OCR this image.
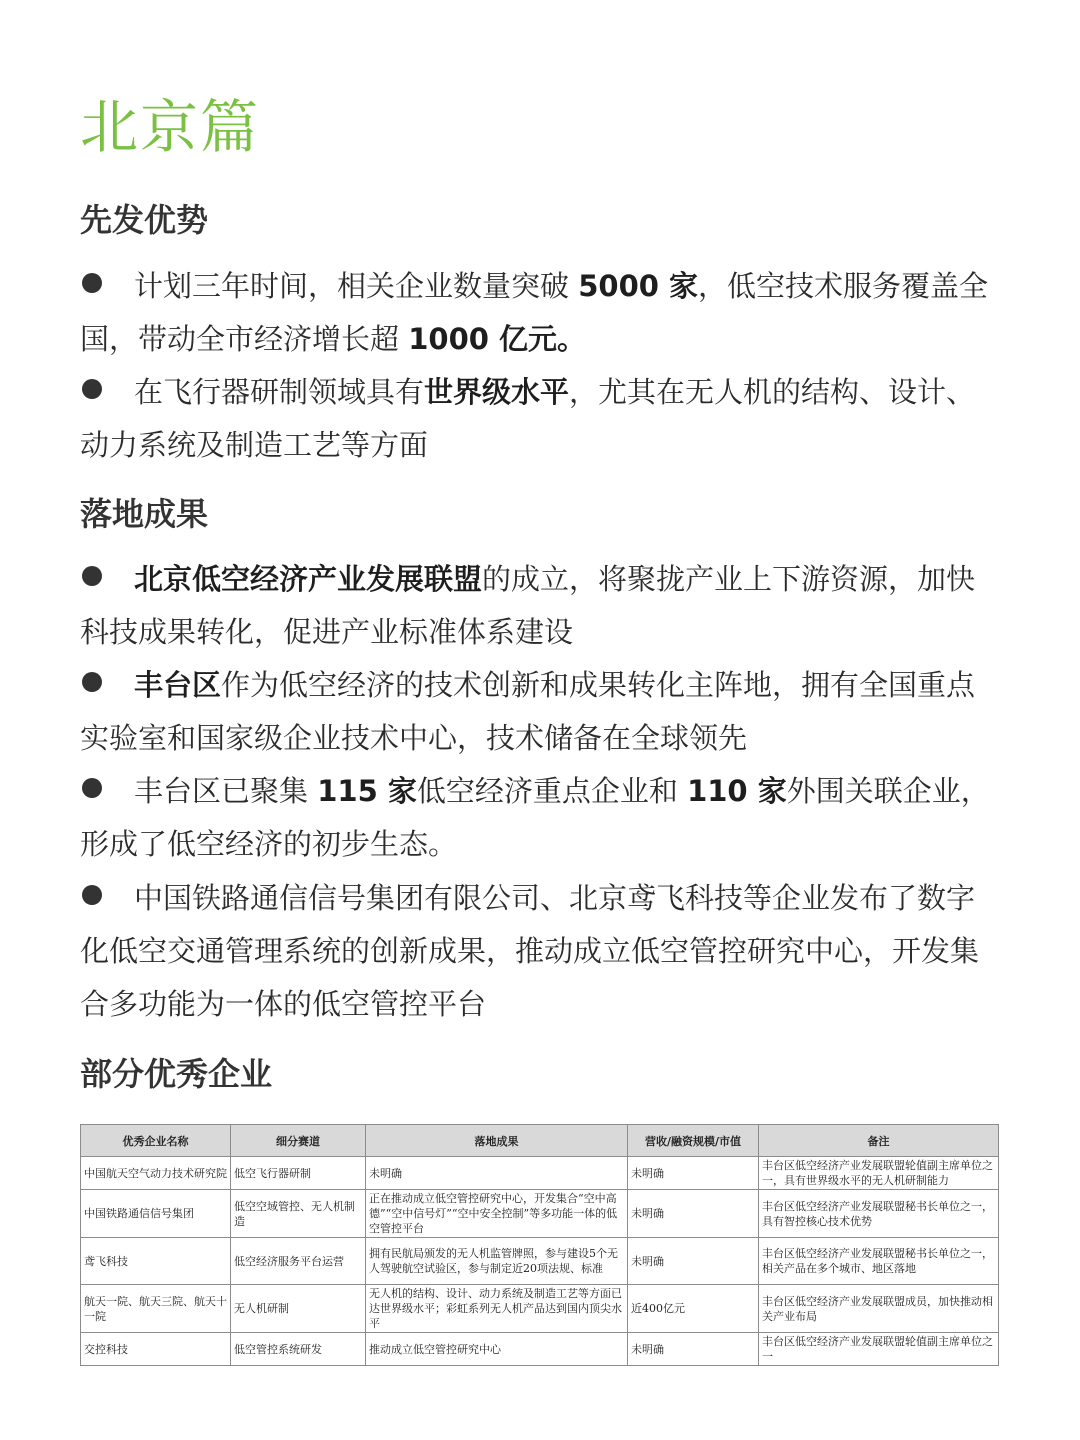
北京篇
先发优势

计划三年时间，相关企业数量突破 5000 家，低空技术服务覆盖全国，带动全市经济增长超 1000 亿元。

在飞行器研制领域具有世界级水平，尤其在无人机的结构、设计、动力系统及制造工艺等方面

落地成果

北京低空经济产业发展联盟的成立，将聚拢产业上下游资源，加快科技成果转化，促进产业标准体系建设

丰台区作为低空经济的技术创新和成果转化主阵地，拥有全国重点实验室和国家级企业技术中心，技术储备在全球领先

丰台区已聚集 115 家低空经济重点企业和 110 家外围关联企业，形成了低空经济的初步生态。

中国铁路通信信号集团有限公司、北京鸢飞科技等企业发布了数字化低空交通管理系统的创新成果，推动成立低空管控研究中心，开发集合多功能为一体的低空管控平台

部分优秀企业
优秀企业名称	细分赛道	落地成果	营收/融资规模/市值	备注
中国航天空气动力技术研究院	低空飞行器研制	未明确	未明确	丰台区低空经济产业发展联盟轮值副主席单位之一，具有世界级水平的无人机研制能力
中国铁路通信信号集团	低空空域管控、无人机制造	正在推动成立低空管控研究中心，开发集合“空中高德”“空中信号灯”“空中安全控制”等多功能一体的低空管控平台	未明确	丰台区低空经济产业发展联盟秘书长单位之一，具有智控核心技术优势
鸢飞科技	低空经济服务平台运营	拥有民航局颁发的无人机监管牌照，参与建设5个无人驾驶航空试验区，参与制定近20项法规、标准	未明确	丰台区低空经济产业发展联盟秘书长单位之一，相关产品在多个城市、地区落地
航天一院、航天三院、航天十一院	无人机研制	无人机的结构、设计、动力系统及制造工艺等方面已达世界级水平；彩虹系列无人机产品达到国内顶尖水平	近400亿元	丰台区低空经济产业发展联盟成员，加快推动相关产业布局
交控科技	低空管控系统研发	推动成立低空管控研究中心	未明确	丰台区低空经济产业发展联盟轮值副主席单位之一
